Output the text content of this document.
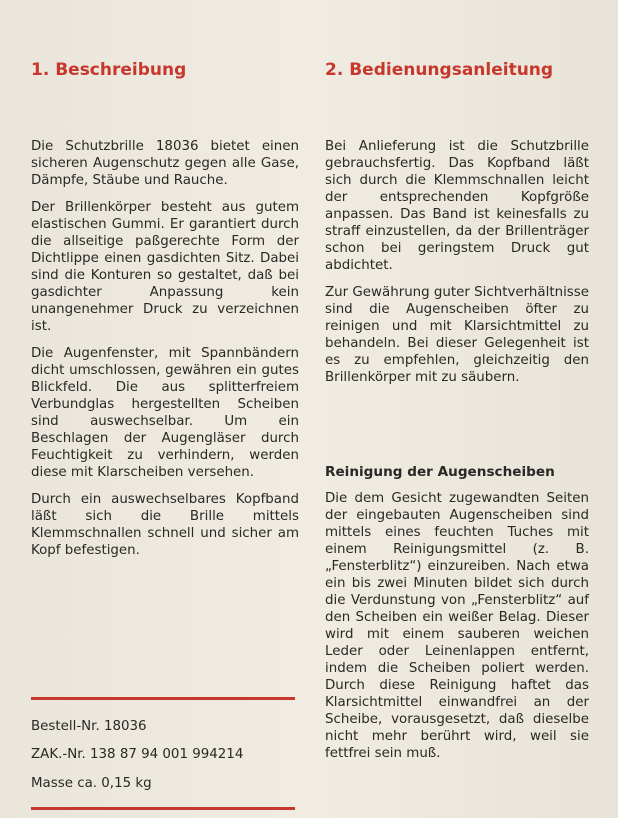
1. Beschreibung

Die Schutzbrille 18036 bietet einen sicheren Augenschutz gegen alle Gase, Dämpfe, Stäube und Rauche.

Der Brillenkörper besteht aus gutem elastischen Gummi. Er garantiert durch die allseitige paßgerechte Form der Dichtlippe einen gasdichten Sitz. Dabei sind die Konturen so gestaltet, daß bei gasdichter Anpassung kein unangenehmer Druck zu verzeichnen ist.

Die Augenfenster, mit Spannbändern dicht umschlossen, gewähren ein gutes Blickfeld. Die aus splitterfreiem Verbundglas hergestellten Scheiben sind auswechselbar. Um ein Beschlagen der Augengläser durch Feuchtigkeit zu verhindern, werden diese mit Klarscheiben versehen.

Durch ein auswechselbares Kopfband läßt sich die Brille mittels Klemmschnallen schnell und sicher am Kopf befestigen.

Bestell-Nr. 18036
ZAK.-Nr. 138 87 94 001 994214
Masse ca. 0,15 kg
2. Bedienungsanleitung

Bei Anlieferung ist die Schutzbrille gebrauchsfertig. Das Kopfband läßt sich durch die Klemmschnallen leicht der entsprechenden Kopfgröße anpassen. Das Band ist keinesfalls zu straff einzustellen, da der Brillenträger schon bei geringstem Druck gut abdichtet.

Zur Gewährung guter Sichtverhältnisse sind die Augenscheiben öfter zu reinigen und mit Klarsichtmittel zu behandeln. Bei dieser Gelegenheit ist es zu empfehlen, gleichzeitig den Brillenkörper mit zu säubern.

Reinigung der Augenscheiben

Die dem Gesicht zugewandten Seiten der eingebauten Augenscheiben sind mittels eines feuchten Tuches mit einem Reinigungsmittel (z. B. „Fensterblitz“) einzureiben. Nach etwa ein bis zwei Minuten bildet sich durch die Verdunstung von „Fensterblitz“ auf den Scheiben ein weißer Belag. Dieser wird mit einem sauberen weichen Leder oder Leinenlappen entfernt, indem die Scheiben poliert werden. Durch diese Reinigung haftet das Klarsichtmittel einwandfrei an der Scheibe, vorausgesetzt, daß dieselbe nicht mehr berührt wird, weil sie fettfrei sein muß.
